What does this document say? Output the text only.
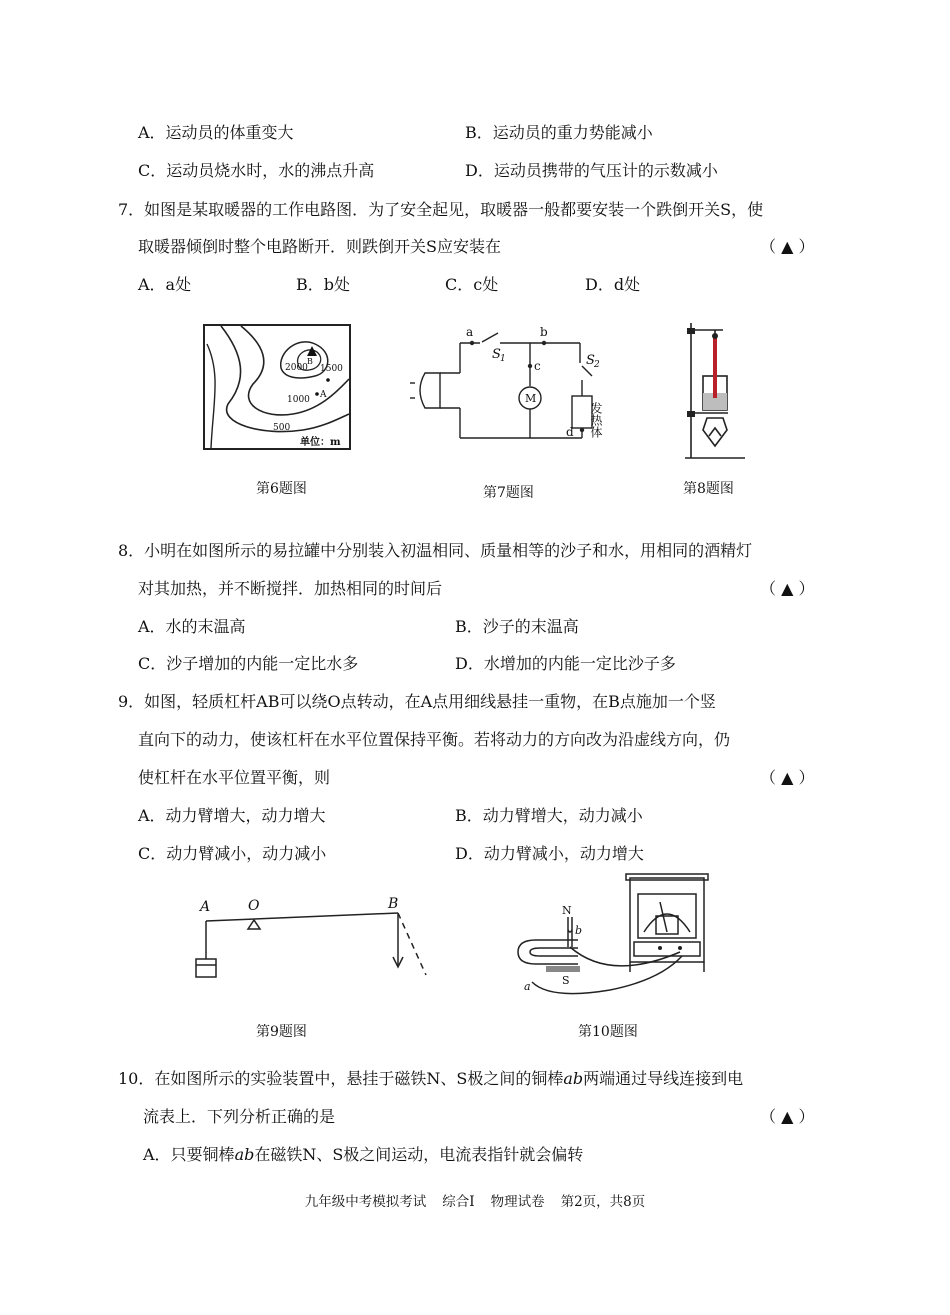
A．运动员的体重变大	B．运动员的重力势能减小
C．运动员烧水时，水的沸点升高	D．运动员携带的气压计的示数减小
7．如图是某取暖器的工作电路图．为了安全起见，取暖器一般都要安装一个跌倒开关S，使
取暖器倾倒时整个电路断开．则跌倒开关S应安装在	（ ▲ ）
A．a处	B．b处	C．c处	D．d处
B
2000 1500
A
1000
500
单位：m
第6题图
a	b
c
d
S 1	S 2
M
发热体
第7题图	第8题图
8．小明在如图所示的易拉罐中分别装入初温相同、质量相等的沙子和水，用相同的酒精灯
对其加热，并不断搅拌．加热相同的时间后	（ ▲ ）
A．水的末温高	B．沙子的末温高
C．沙子增加的内能一定比水多	D．水增加的内能一定比沙子多
9．如图，轻质杠杆AB可以绕O点转动，在A点用细线悬挂一重物，在B点施加一个竖
直向下的动力，使该杠杆在水平位置保持平衡。若将动力的方向改为沿虚线方向，仍
使杠杆在水平位置平衡，则	（ ▲ ）
A．动力臂增大，动力增大	B．动力臂增大，动力减小
C．动力臂减小，动力减小	D．动力臂减小，动力增大
A	O	B
第9题图
N
S
a
b
第10题图
10．在如图所示的实验装置中，悬挂于磁铁N、S极之间的铜棒ab两端通过导线连接到电
流表上．下列分析正确的是	（ ▲ ）
A．只要铜棒ab在磁铁N、S极之间运动，电流表指针就会偏转
九年级中考模拟考试 综合Ⅰ 物理试卷 第2页，共8页
